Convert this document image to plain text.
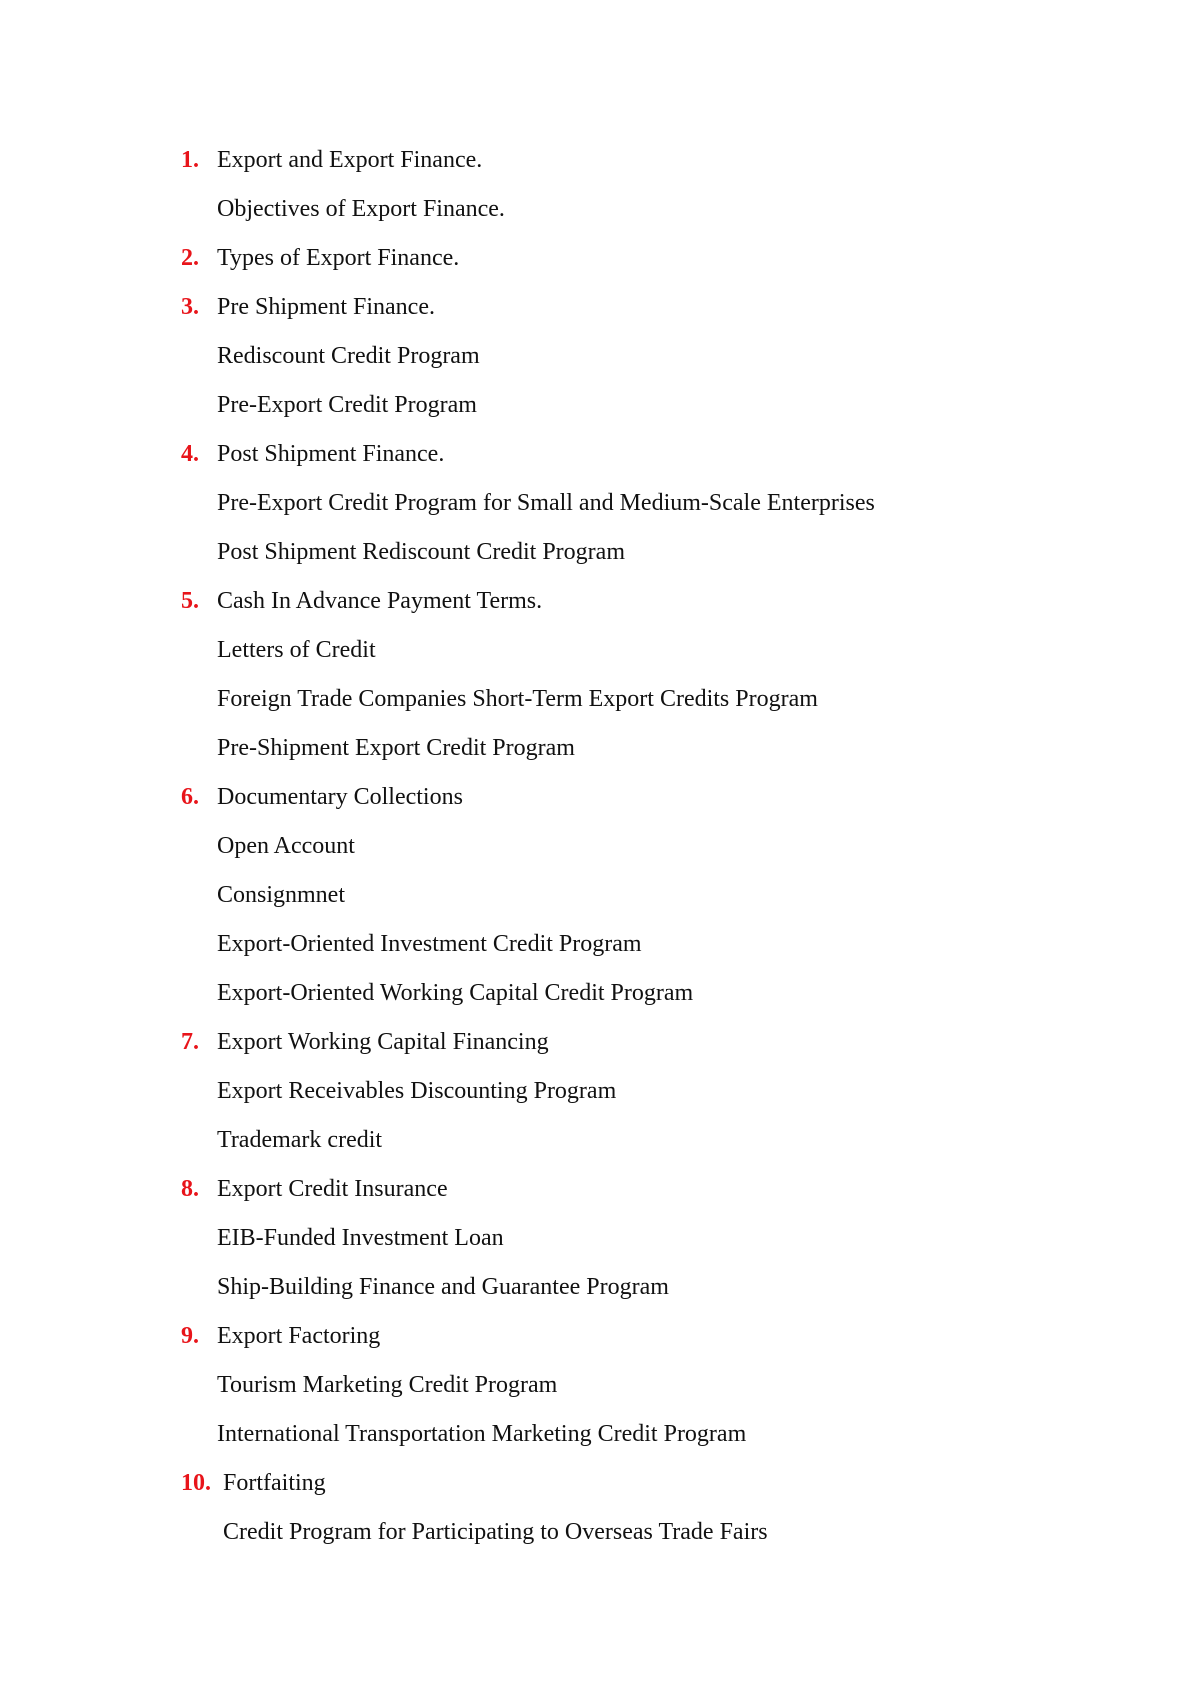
1. Export and Export Finance.
Objectives of Export Finance.
2. Types of Export Finance.
3. Pre Shipment Finance.
Rediscount Credit Program
Pre-Export Credit Program
4. Post Shipment Finance.
Pre-Export Credit Program for Small and Medium-Scale Enterprises
Post Shipment Rediscount Credit Program
5. Cash In Advance Payment Terms.
Letters of Credit
Foreign Trade Companies Short-Term Export Credits Program
Pre-Shipment Export Credit Program
6. Documentary Collections
Open Account
Consignmnet
Export-Oriented Investment Credit Program
Export-Oriented Working Capital Credit Program
7. Export Working Capital Financing
Export Receivables Discounting Program
Trademark credit
8. Export Credit Insurance
EIB-Funded Investment Loan
Ship-Building Finance and Guarantee Program
9. Export Factoring
Tourism Marketing Credit Program
International Transportation Marketing Credit Program
10. Fortfaiting
Credit Program for Participating to Overseas Trade Fairs
